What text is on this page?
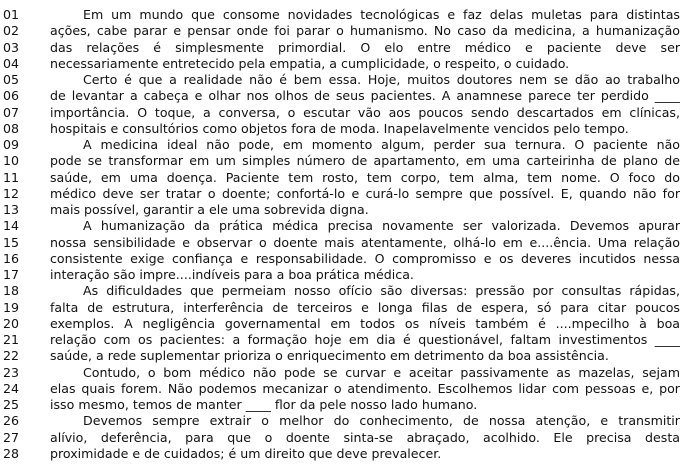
01	Em um mundo que consome novidades tecnológicas e faz delas muletas para distintas
02	ações, cabe parar e pensar onde foi parar o humanismo. No caso da medicina, a humanização
03	das relações é simplesmente primordial. O elo entre médico e paciente deve ser
04	necessariamente entretecido pela empatia, a cumplicidade, o respeito, o cuidado.
05	Certo é que a realidade não é bem essa. Hoje, muitos doutores nem se dão ao trabalho
06	de levantar a cabeça e olhar nos olhos de seus pacientes. A anamnese parece ter perdido ____
07	importância. O toque, a conversa, o escutar vão aos poucos sendo descartados em clínicas,
08	hospitais e consultórios como objetos fora de moda. Inapelavelmente vencidos pelo tempo.
09	A medicina ideal não pode, em momento algum, perder sua ternura. O paciente não
10	pode se transformar em um simples número de apartamento, em uma carteirinha de plano de
11	saúde, em uma doença. Paciente tem rosto, tem corpo, tem alma, tem nome. O foco do
12	médico deve ser tratar o doente; confortá-lo e curá-lo sempre que possível. E, quando não for
13	mais possível, garantir a ele uma sobrevida digna.
14	A humanização da prática médica precisa novamente ser valorizada. Devemos apurar
15	nossa sensibilidade e observar o doente mais atentamente, olhá-lo em e....ência. Uma relação
16	consistente exige confiança e responsabilidade. O compromisso e os deveres incutidos nessa
17	interação são impre....indíveis para a boa prática médica.
18	As dificuldades que permeiam nosso ofício são diversas: pressão por consultas rápidas,
19	falta de estrutura, interferência de terceiros e longa filas de espera, só para citar poucos
20	exemplos. A negligência governamental em todos os níveis também é ....mpecilho à boa
21	relação com os pacientes: a formação hoje em dia é questionável, faltam investimentos ____
22	saúde, a rede suplementar prioriza o enriquecimento em detrimento da boa assistência.
23	Contudo, o bom médico não pode se curvar e aceitar passivamente as mazelas, sejam
24	elas quais forem. Não podemos mecanizar o atendimento. Escolhemos lidar com pessoas e, por
25	isso mesmo, temos de manter ____ flor da pele nosso lado humano.
26	Devemos sempre extrair o melhor do conhecimento, de nossa atenção, e transmitir
27	alívio, deferência, para que o doente sinta-se abraçado, acolhido. Ele precisa desta
28	proximidade e de cuidados; é um direito que deve prevalecer.
